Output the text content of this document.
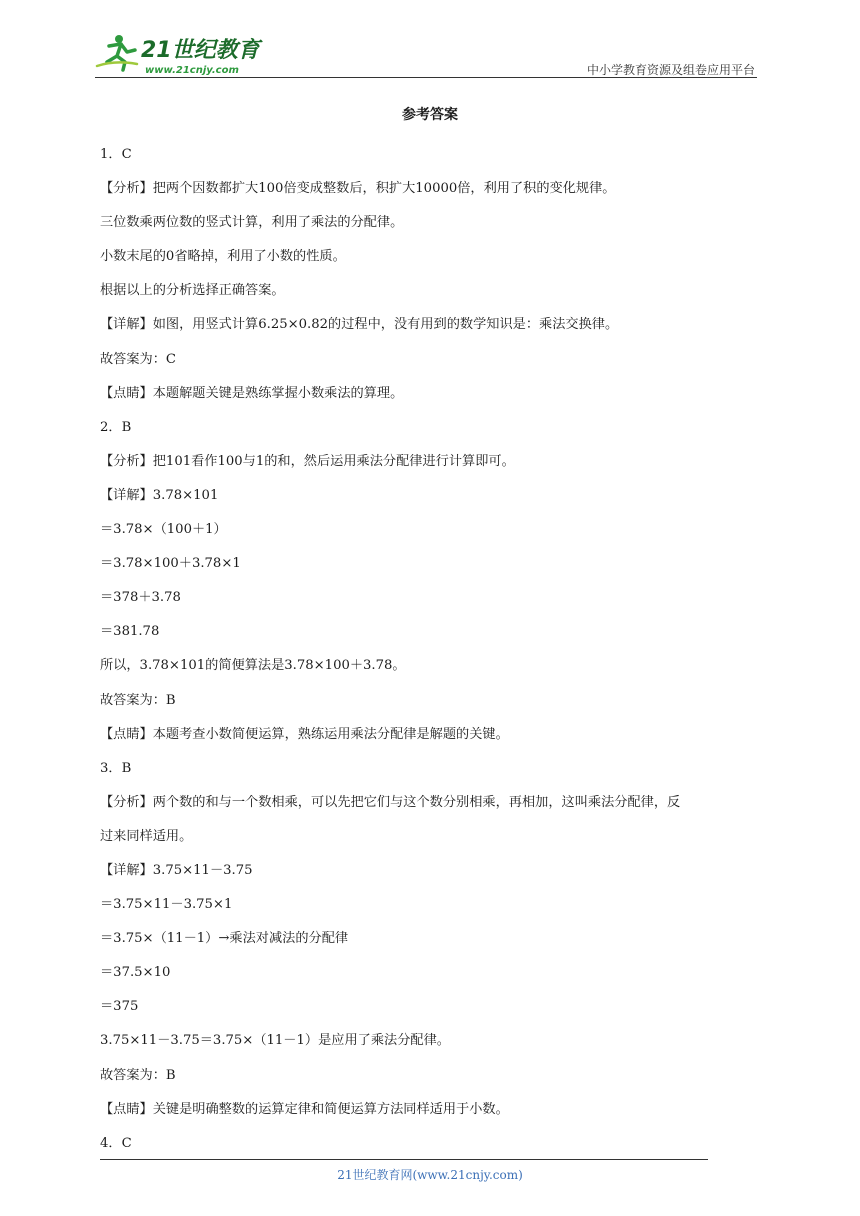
21世纪教育
www.21cnjy.com	中小学教育资源及组卷应用平台
参考答案
1．C
【分析】把两个因数都扩大100倍变成整数后，积扩大10000倍，利用了积的变化规律。
三位数乘两位数的竖式计算，利用了乘法的分配律。
小数末尾的0省略掉，利用了小数的性质。
根据以上的分析选择正确答案。
【详解】如图，用竖式计算6.25×0.82的过程中，没有用到的数学知识是：乘法交换律。
故答案为：C
【点睛】本题解题关键是熟练掌握小数乘法的算理。
2．B
【分析】把101看作100与1的和，然后运用乘法分配律进行计算即可。
【详解】3.78×101
＝3.78×（100＋1）
＝3.78×100＋3.78×1
＝378＋3.78
＝381.78
所以，3.78×101的简便算法是3.78×100＋3.78。
故答案为：B
【点睛】本题考查小数简便运算，熟练运用乘法分配律是解题的关键。
3．B
【分析】两个数的和与一个数相乘，可以先把它们与这个数分别相乘，再相加，这叫乘法分配律，反
过来同样适用。
【详解】3.75×11－3.75
＝3.75×11－3.75×1
＝3.75×（11－1）→乘法对减法的分配律
＝37.5×10
＝375
3.75×11－3.75＝3.75×（11－1）是应用了乘法分配律。
故答案为：B
【点睛】关键是明确整数的运算定律和简便运算方法同样适用于小数。
4．C
21世纪教育网(www.21cnjy.com)
